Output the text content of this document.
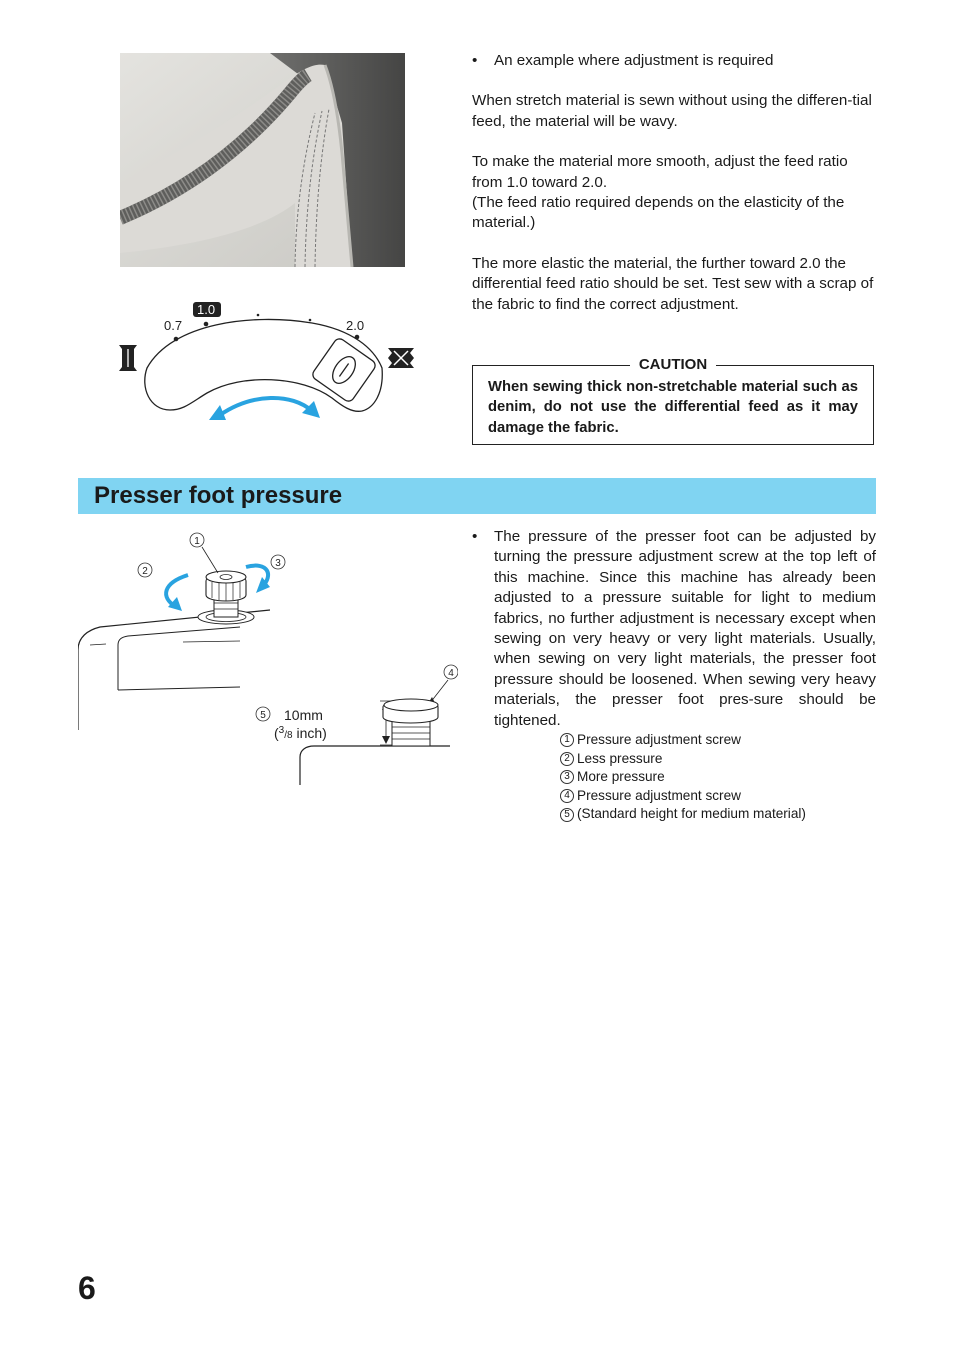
0.7
1.0
2.0
•	An example where adjustment is required

When stretch material is sewn without using the differen-tial feed, the material will be wavy.

To make the material more smooth, adjust the feed ratio from 1.0 toward 2.0.

(The feed ratio required depends on the elasticity of the material.)

The more elastic the material, the further toward 2.0 the differential feed ratio should be set. Test sew with a scrap of the fabric to find the correct adjustment.

CAUTION
When sewing thick non-stretchable material such as denim, do not use the differential feed as it may damage the fabric.
Presser foot pressure
1
2
3
4
5 10mm
($^3_{/8}$ inch)
•	The pressure of the presser foot can be adjusted by turning the pressure adjustment screw at the top left of this machine. Since this machine has already been adjusted to a pressure suitable for light to medium fabrics, no further adjustment is necessary except when sewing on very heavy or very light materials. Usually, when sewing on very light materials, the presser foot pressure should be loosened. When sewing very heavy materials, the presser foot pres-sure should be tightened.
1 Pressure adjustment screw
2 Less pressure
3 More pressure
4 Pressure adjustment screw
5 (Standard height for medium material)
6
